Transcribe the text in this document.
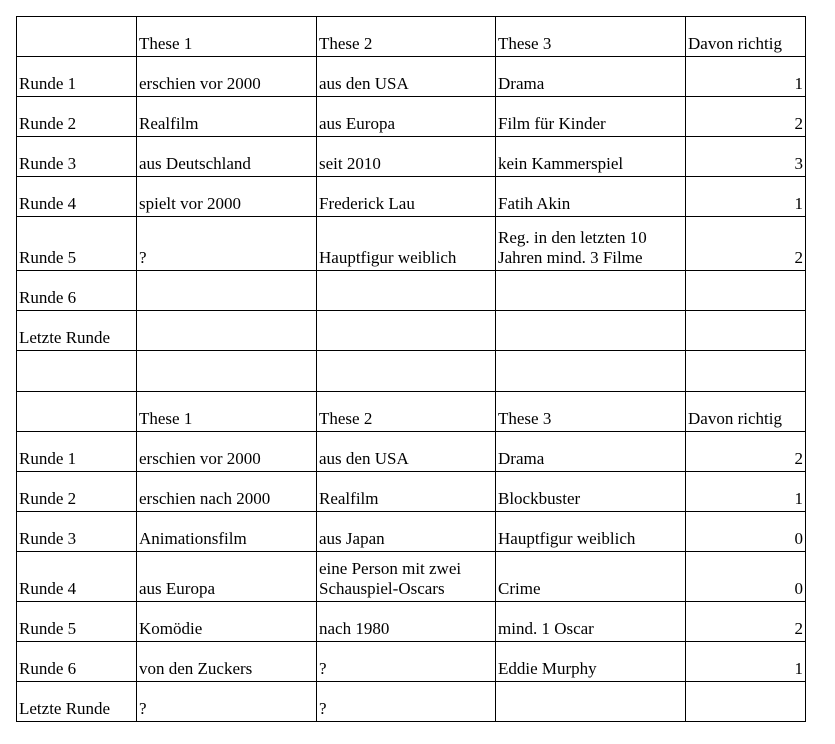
	These 1	These 2	These 3	Davon richtig
Runde 1	erschien vor 2000	aus den USA	Drama	1
Runde 2	Realfilm	aus Europa	Film für Kinder	2
Runde 3	aus Deutschland	seit 2010	kein Kammerspiel	3
Runde 4	spielt vor 2000	Frederick Lau	Fatih Akin	1
Runde 5	?	Hauptfigur weiblich	Reg. in den letzten 10 Jahren mind. 3 Filme	2
Runde 6				
Letzte Runde				

	These 1	These 2	These 3	Davon richtig
Runde 1	erschien vor 2000	aus den USA	Drama	2
Runde 2	erschien nach 2000	Realfilm	Blockbuster	1
Runde 3	Animationsfilm	aus Japan	Hauptfigur weiblich	0
Runde 4	aus Europa	eine Person mit zwei Schauspiel-Oscars	Crime	0
Runde 5	Komödie	nach 1980	mind. 1 Oscar	2
Runde 6	von den Zuckers	?	Eddie Murphy	1
Letzte Runde	?	?		
